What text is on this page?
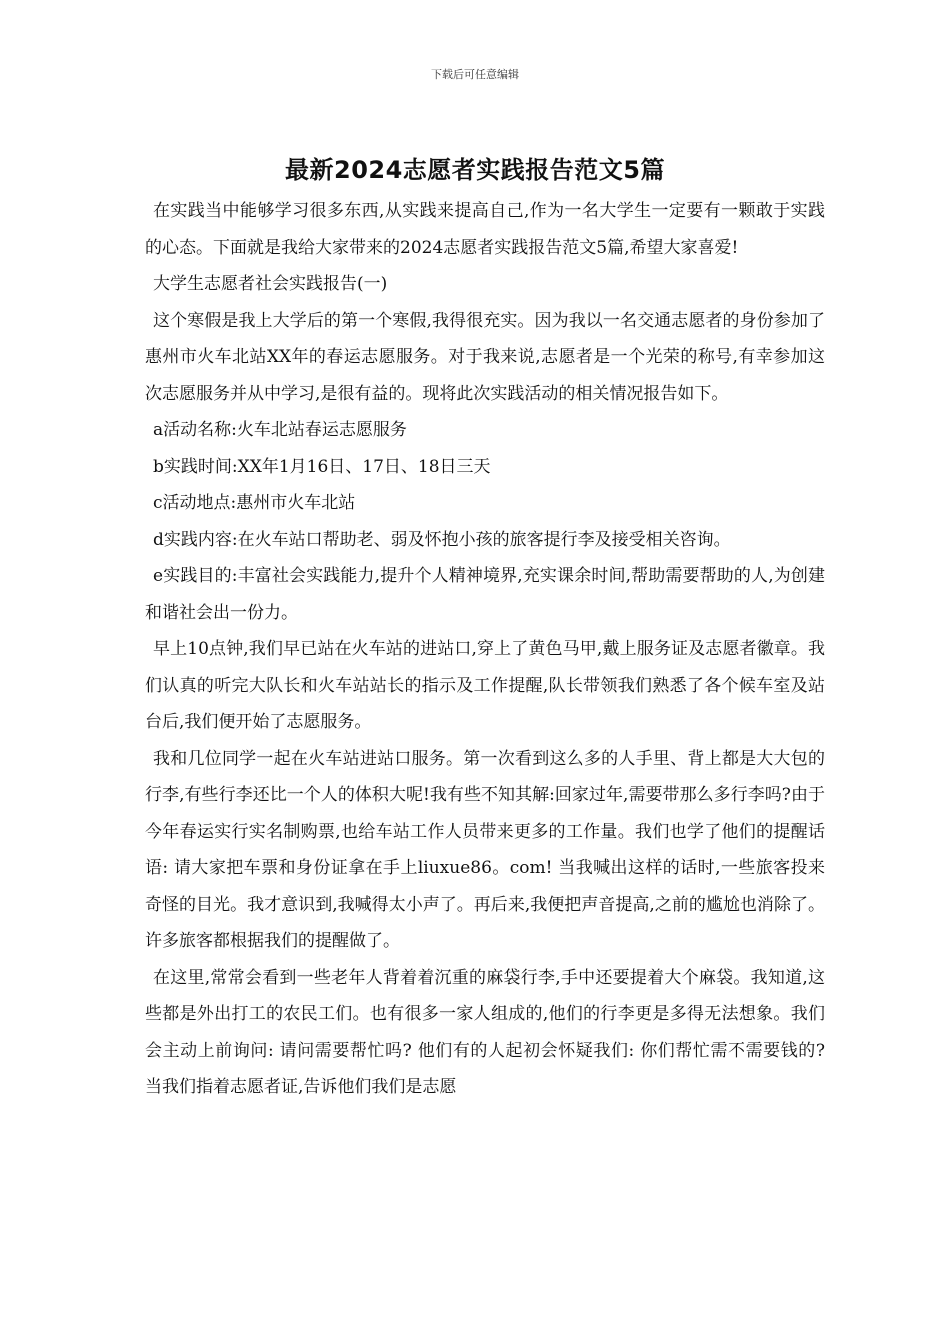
下载后可任意编辑
最新2024志愿者实践报告范文5篇

在实践当中能够学习很多东西,从实践来提高自己,作为一名大学生一定要有一颗敢于实践的心态。下面就是我给大家带来的2024志愿者实践报告范文5篇,希望大家喜爱!

大学生志愿者社会实践报告(一)

这个寒假是我上大学后的第一个寒假,我得很充实。因为我以一名交通志愿者的身份参加了惠州市火车北站XX年的春运志愿服务。对于我来说,志愿者是一个光荣的称号,有幸参加这次志愿服务并从中学习,是很有益的。现将此次实践活动的相关情况报告如下。

a活动名称:火车北站春运志愿服务

b实践时间:XX年1月16日、17日、18日三天

c活动地点:惠州市火车北站

d实践内容:在火车站口帮助老、弱及怀抱小孩的旅客提行李及接受相关咨询。

e实践目的:丰富社会实践能力,提升个人精神境界,充实课余时间,帮助需要帮助的人,为创建和谐社会出一份力。

早上10点钟,我们早已站在火车站的进站口,穿上了黄色马甲,戴上服务证及志愿者徽章。我们认真的听完大队长和火车站站长的指示及工作提醒,队长带领我们熟悉了各个候车室及站台后,我们便开始了志愿服务。

我和几位同学一起在火车站进站口服务。第一次看到这么多的人手里、背上都是大大包的行李,有些行李还比一个人的体积大呢!我有些不知其解:回家过年,需要带那么多行李吗?由于今年春运实行实名制购票,也给车站工作人员带来更多的工作量。我们也学了他们的提醒话语: 请大家把车票和身份证拿在手上liuxue86。com! 当我喊出这样的话时,一些旅客投来奇怪的目光。我才意识到,我喊得太小声了。再后来,我便把声音提高,之前的尴尬也消除了。许多旅客都根据我们的提醒做了。

在这里,常常会看到一些老年人背着着沉重的麻袋行李,手中还要提着大个麻袋。我知道,这些都是外出打工的农民工们。也有很多一家人组成的,他们的行李更是多得无法想象。我们会主动上前询问: 请问需要帮忙吗? 他们有的人起初会怀疑我们: 你们帮忙需不需要钱的? 当我们指着志愿者证,告诉他们我们是志愿
